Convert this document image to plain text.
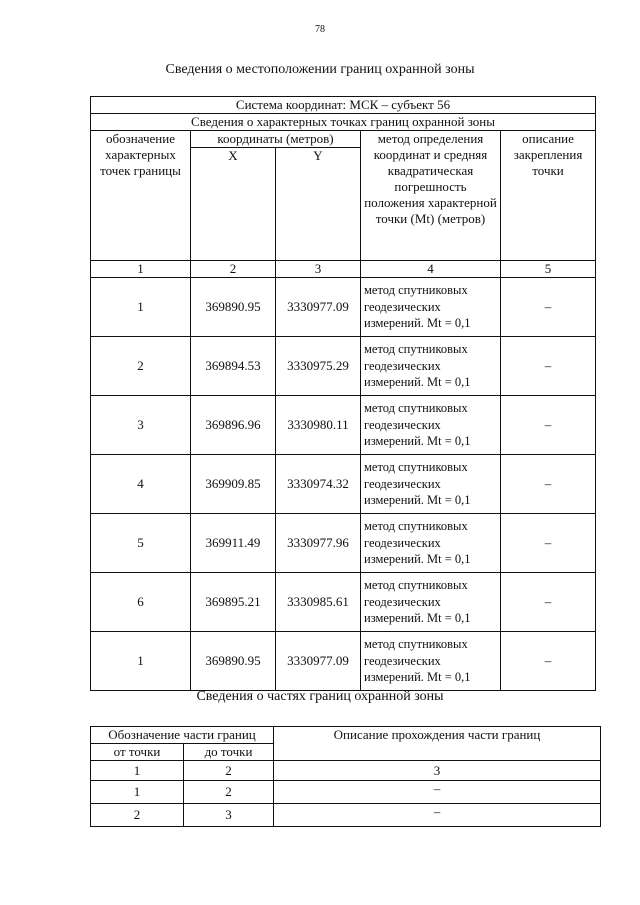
78
Сведения о местоположении границ охранной зоны
Система координат: МСК – субъект 56				
Сведения о характерных точках границ охранной зоны				
обозначение характерных точек границы	координаты (метров)		метод определения координат и средняя квадратическая погрешность положения характерной точки (Mt) (метров)	описание закрепления точки
	X	Y		
1	2	3	4	5
1	369890.95	3330977.09	метод спутниковых геодезических измерений. Mt = 0,1	–
2	369894.53	3330975.29	метод спутниковых геодезических измерений. Mt = 0,1	–
3	369896.96	3330980.11	метод спутниковых геодезических измерений. Mt = 0,1	–
4	369909.85	3330974.32	метод спутниковых геодезических измерений. Mt = 0,1	–
5	369911.49	3330977.96	метод спутниковых геодезических измерений. Mt = 0,1	–
6	369895.21	3330985.61	метод спутниковых геодезических измерений. Mt = 0,1	–
1	369890.95	3330977.09	метод спутниковых геодезических измерений. Mt = 0,1	–
Сведения о частях границ охранной зоны
Обозначение части границ		Описание прохождения части границ
от точки	до точки	
1	2	3
1	2	–
2	3	–
